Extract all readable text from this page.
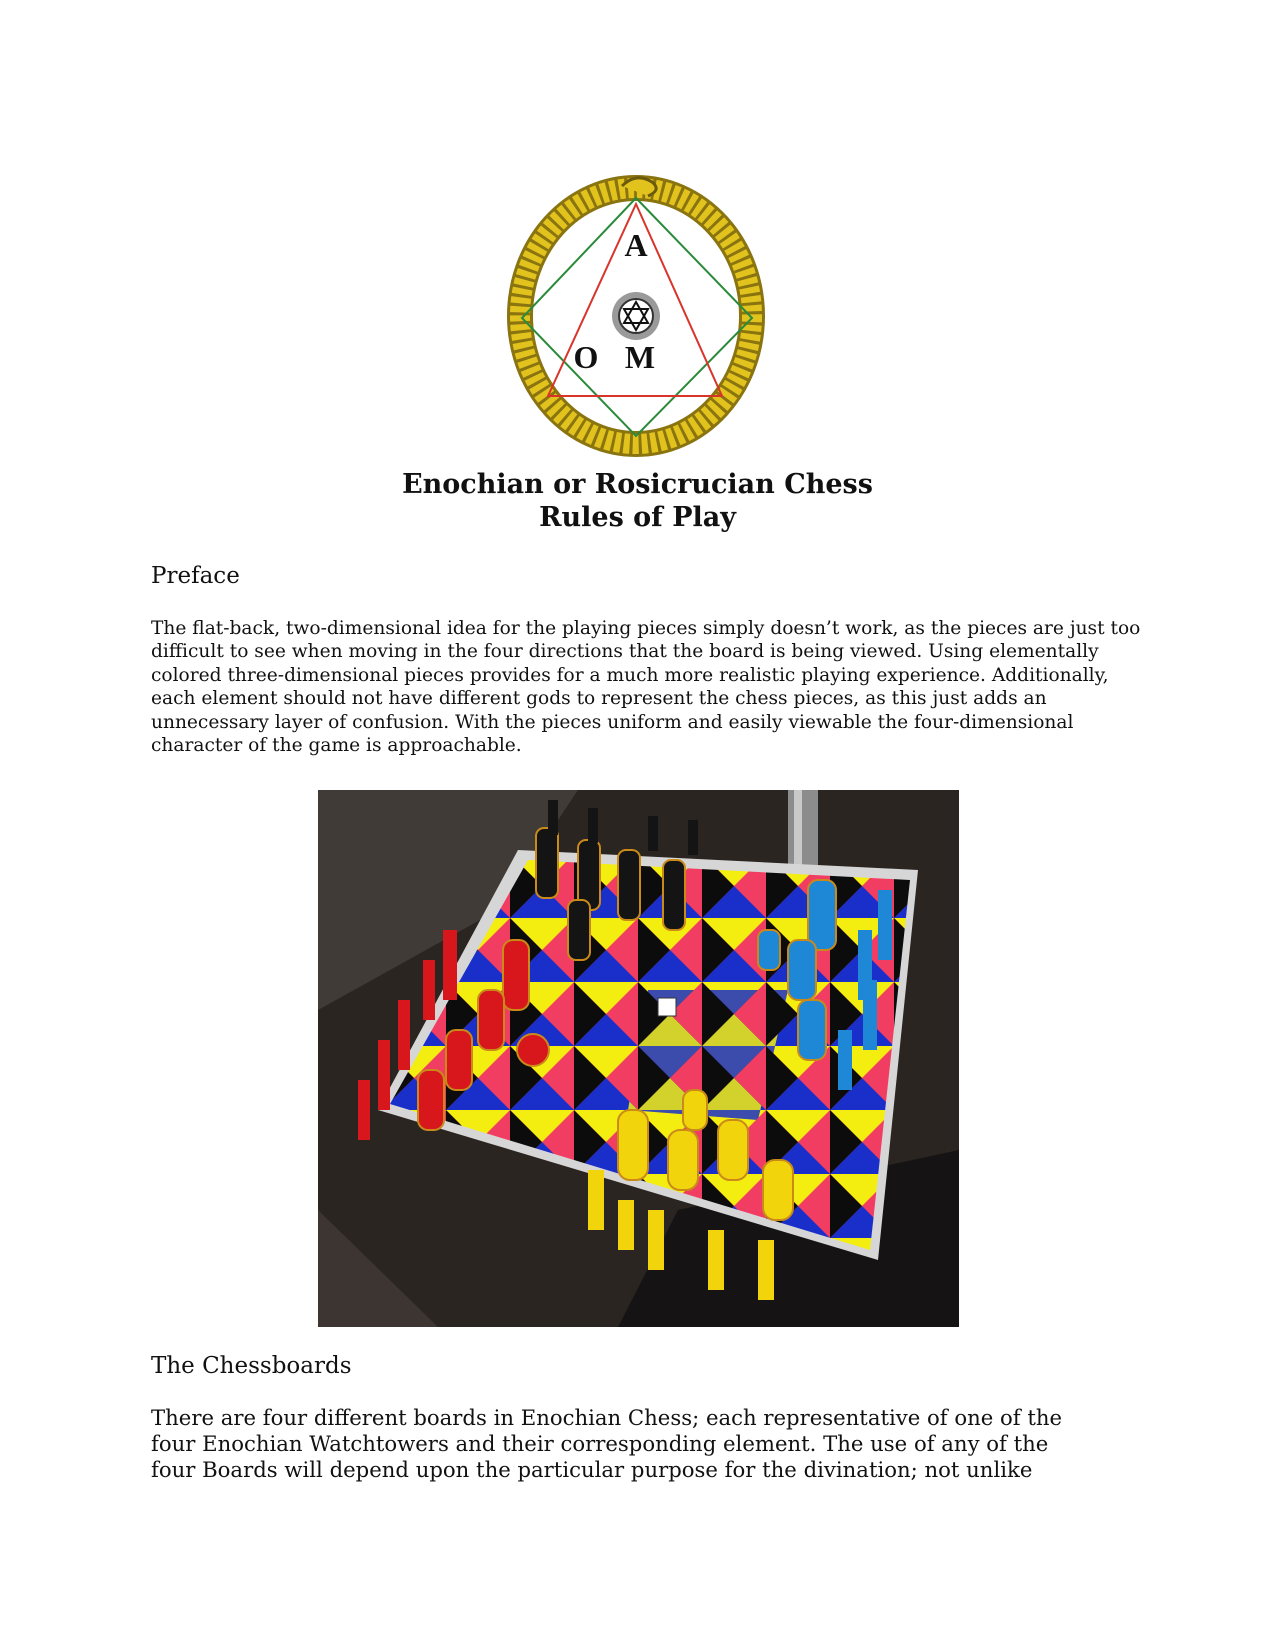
A
O M
Enochian or Rosicrucian Chess
Rules of Play
Preface

The flat-back, two-dimensional idea for the playing pieces simply doesn’t work, as the pieces are just too
difficult to see when moving in the four directions that the board is being viewed. Using elementally
colored three-dimensional pieces provides for a much more realistic playing experience. Additionally,
each element should not have different gods to represent the chess pieces, as this just adds an
unnecessary layer of confusion. With the pieces uniform and easily viewable the four-dimensional
character of the game is approachable.

The Chessboards

There are four different boards in Enochian Chess; each representative of one of the
four Enochian Watchtowers and their corresponding element. The use of any of the
four Boards will depend upon the particular purpose for the divination; not unlike
